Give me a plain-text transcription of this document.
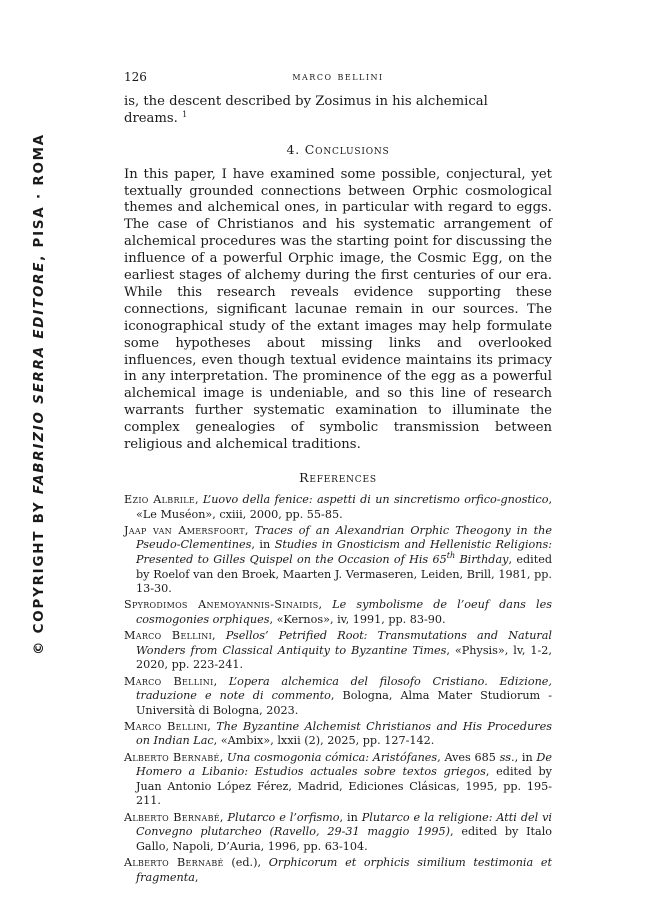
© COPYRIGHT BY FABRIZIO SERRA EDITORE, PISA · ROMA
126	marco bellini
is, the descent described by Zosimus in his alchemical dreams. $^1$
4. Conclusions

In this paper, I have examined some possible, conjectural, yet textually grounded connections between Orphic cosmological themes and alchemical ones, in particular with regard to eggs. The case of Christianos and his systematic arrangement of alchemical procedures was the starting point for discussing the influence of a powerful Orphic image, the Cosmic Egg, on the earliest stages of alchemy during the first centuries of our era. While this research reveals evidence supporting these connections, significant lacunae remain in our sources. The iconographical study of the extant images may help formulate some hypotheses about missing links and overlooked influences, even though textual evidence maintains its primacy in any interpretation. The prominence of the egg as a powerful alchemical image is undeniable, and so this line of research warrants further systematic examination to illuminate the complex genealogies of symbolic transmission between religious and alchemical traditions.

References

Ezio Albrile, L’uovo della fenice: aspetti di un sincretismo orfico-gnostico, «Le Muséon», cxiii, 2000, pp. 55-85.

Jaap van Amersfoort, Traces of an Alexandrian Orphic Theogony in the Pseudo-Clementines, in Studies in Gnosticism and Hellenistic Religions: Presented to Gilles Quispel on the Occasion of His 65th Birthday, edited by Roelof van den Broek, Maarten J. Vermaseren, Leiden, Brill, 1981, pp. 13-30.

Spyrodimos Anemoyannis-Sinaidis, Le symbolisme de l’oeuf dans les cosmogonies orphiques, «Kernos», iv, 1991, pp. 83-90.

Marco Bellini, Psellos’ Petrified Root: Transmutations and Natural Wonders from Classical Antiquity to Byzantine Times, «Physis», lv, 1-2, 2020, pp. 223-241.

Marco Bellini, L’opera alchemica del filosofo Cristiano. Edizione, traduzione e note di commento, Bologna, Alma Mater Studiorum - Università di Bologna, 2023.

Marco Bellini, The Byzantine Alchemist Christianos and His Procedures on Indian Lac, «Ambix», lxxii (2), 2025, pp. 127-142.

Alberto Bernabé, Una cosmogonia cómica: Aristófanes, Aves 685 ss., in De Homero a Libanio: Estudios actuales sobre textos griegos, edited by Juan Antonio López Férez, Madrid, Ediciones Clásicas, 1995, pp. 195-211.

Alberto Bernabé, Plutarco e l’orfismo, in Plutarco e la religione: Atti del vi Convegno plutarcheo (Ravello, 29-31 maggio 1995), edited by Italo Gallo, Napoli, D’Auria, 1996, pp. 63-104.

Alberto Bernabé (ed.), Orphicorum et orphicis similium testimonia et fragmenta,
